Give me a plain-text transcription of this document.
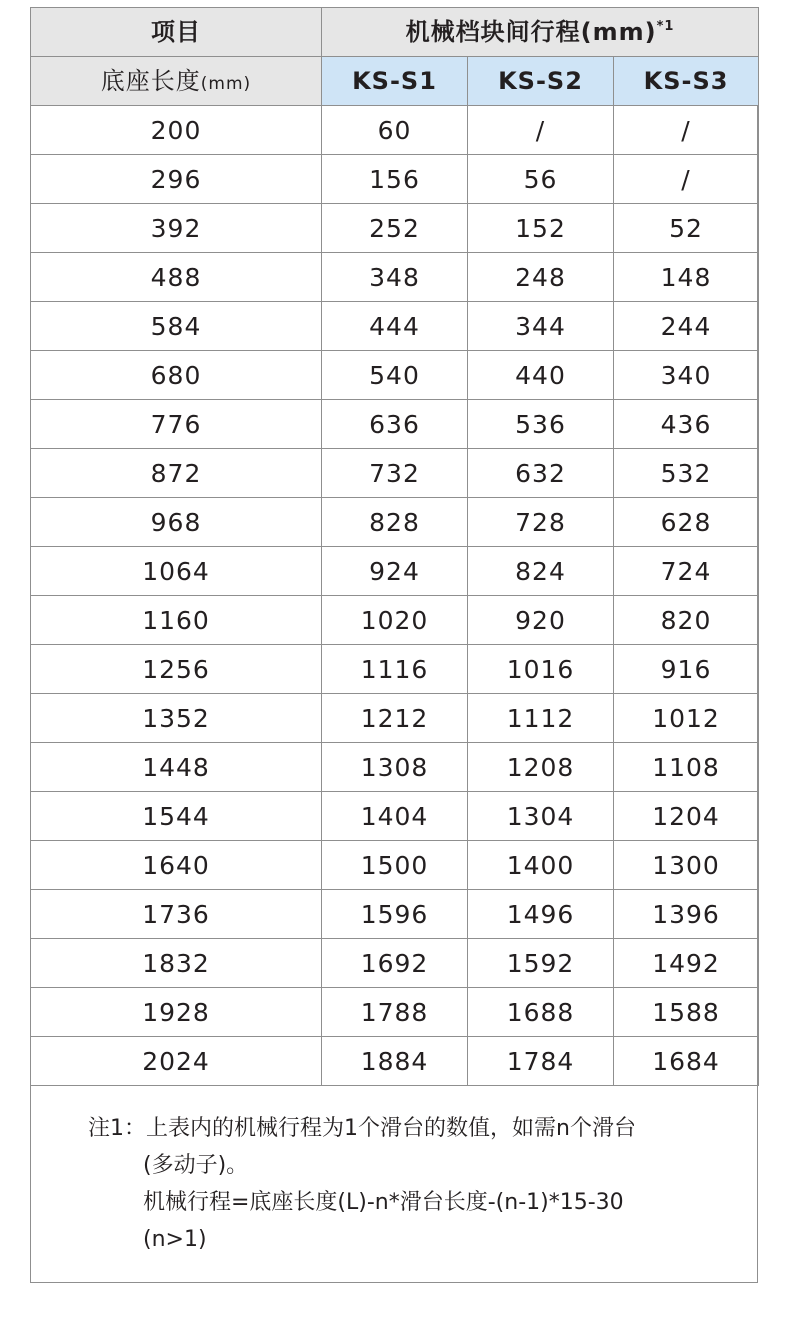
项目	机械档块间行程(mm)$^{*1}$
底座长度(mm)	KS-S1	KS-S2	KS-S3
200	60	/	/
296	156	56	/
392	252	152	52
488	348	248	148
584	444	344	244
680	540	440	340
776	636	536	436
872	732	632	532
968	828	728	628
1064	924	824	724
1160	1020	920	820
1256	1116	1016	916
1352	1212	1112	1012
1448	1308	1208	1108
1544	1404	1304	1204
1640	1500	1400	1300
1736	1596	1496	1396
1832	1692	1592	1492
1928	1788	1688	1588
2024	1884	1784	1684
注1：上表内的机械行程为1个滑台的数值，如需n个滑台
(多动子)。
机械行程=底座长度(L)-n*滑台长度-(n-1)*15-30
(n>1)
